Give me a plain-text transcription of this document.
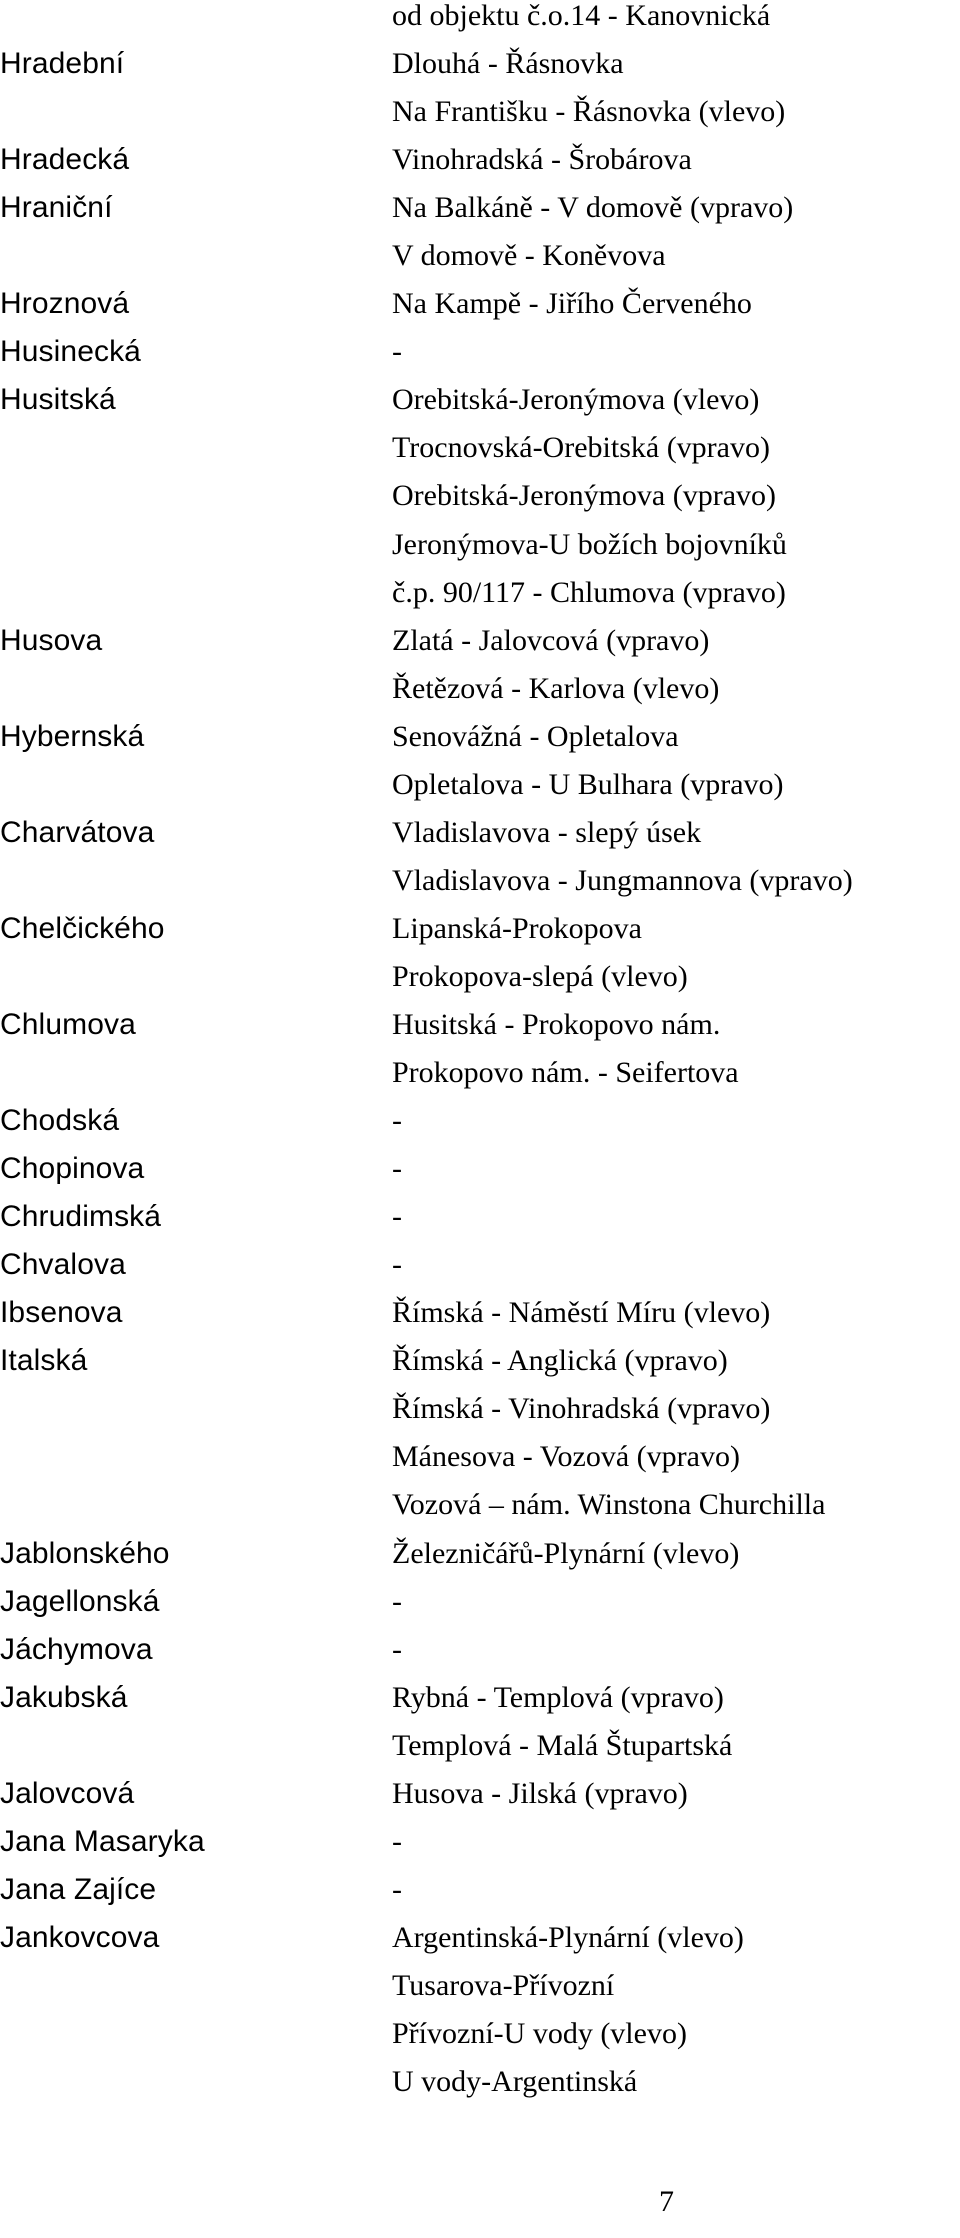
od objektu č.o.14 - Kanovnická
Hradební	Dlouhá - Řásnovka
Na Františku - Řásnovka (vlevo)
Hradecká	Vinohradská - Šrobárova
Hraniční	Na Balkáně - V domově (vpravo)
V domově - Koněvova
Hroznová	Na Kampě - Jiřího Červeného
Husinecká	-
Husitská	Orebitská-Jeronýmova (vlevo)
Trocnovská-Orebitská (vpravo)
Orebitská-Jeronýmova (vpravo)
Jeronýmova-U božích bojovníků
č.p. 90/117 - Chlumova (vpravo)
Husova	Zlatá - Jalovcová (vpravo)
Řetězová - Karlova (vlevo)
Hybernská	Senovážná - Opletalova
Opletalova - U Bulhara (vpravo)
Charvátova	Vladislavova - slepý úsek
Vladislavova - Jungmannova (vpravo)
Chelčického	Lipanská-Prokopova
Prokopova-slepá (vlevo)
Chlumova	Husitská - Prokopovo nám.
Prokopovo nám. - Seifertova
Chodská	-
Chopinova	-
Chrudimská	-
Chvalova	-
Ibsenova	Římská - Náměstí Míru (vlevo)
Italská	Římská - Anglická (vpravo)
Římská - Vinohradská (vpravo)
Mánesova - Vozová (vpravo)
Vozová – nám. Winstona Churchilla
Jablonského	Železničářů-Plynární (vlevo)
Jagellonská	-
Jáchymova	-
Jakubská	Rybná - Templová (vpravo)
Templová - Malá Štupartská
Jalovcová	Husova - Jilská (vpravo)
Jana Masaryka	-
Jana Zajíce	-
Jankovcova	Argentinská-Plynární (vlevo)
Tusarova-Přívozní
Přívozní-U vody (vlevo)
U vody-Argentinská
7
